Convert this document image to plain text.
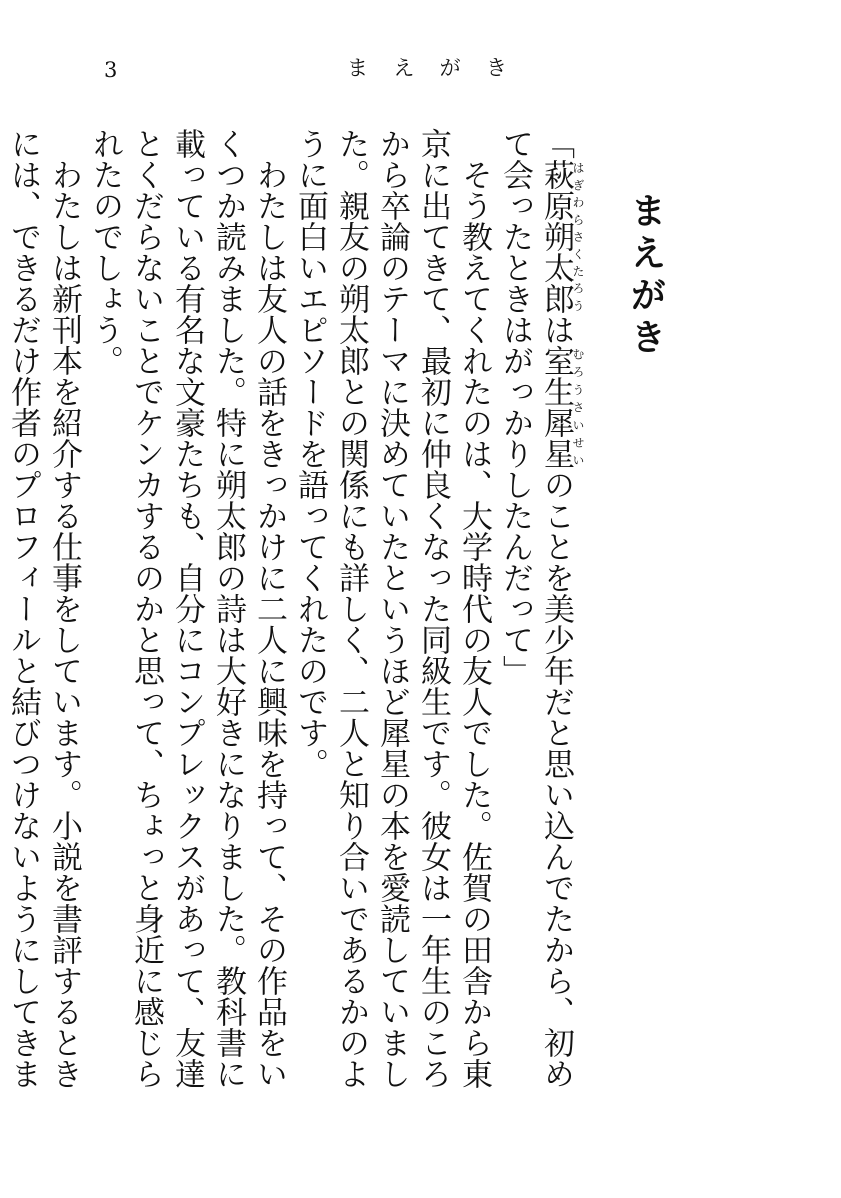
3	ま え が き
まえがき

「萩原朔太郎はぎわらさくたろうは室生犀星むろうさいせいのことを美少年だと思い込んでたから、初めて会ったときはがっかりしたんだって」

そう教えてくれたのは、大学時代の友人でした。佐賀の田舎から東京に出てきて、最初に仲良くなった同級生です。彼女は一年生のころから卒論のテーマに決めていたというほど犀星の本を愛読していました。親友の朔太郎との関係にも詳しく、二人と知り合いであるかのように面白いエピソードを語ってくれたのです。

わたしは友人の話をきっかけに二人に興味を持って、その作品をいくつか読みました。特に朔太郎の詩は大好きになりました。教科書に載っている有名な文豪たちも、自分にコンプレックスがあって、友達とくだらないことでケンカするのかと思って、ちょっと身近に感じられたのでしょう。

わたしは新刊本を紹介する仕事をしています。小説を書評するときには、できるだけ作者のプロフィールと結びつけないようにしてきま
